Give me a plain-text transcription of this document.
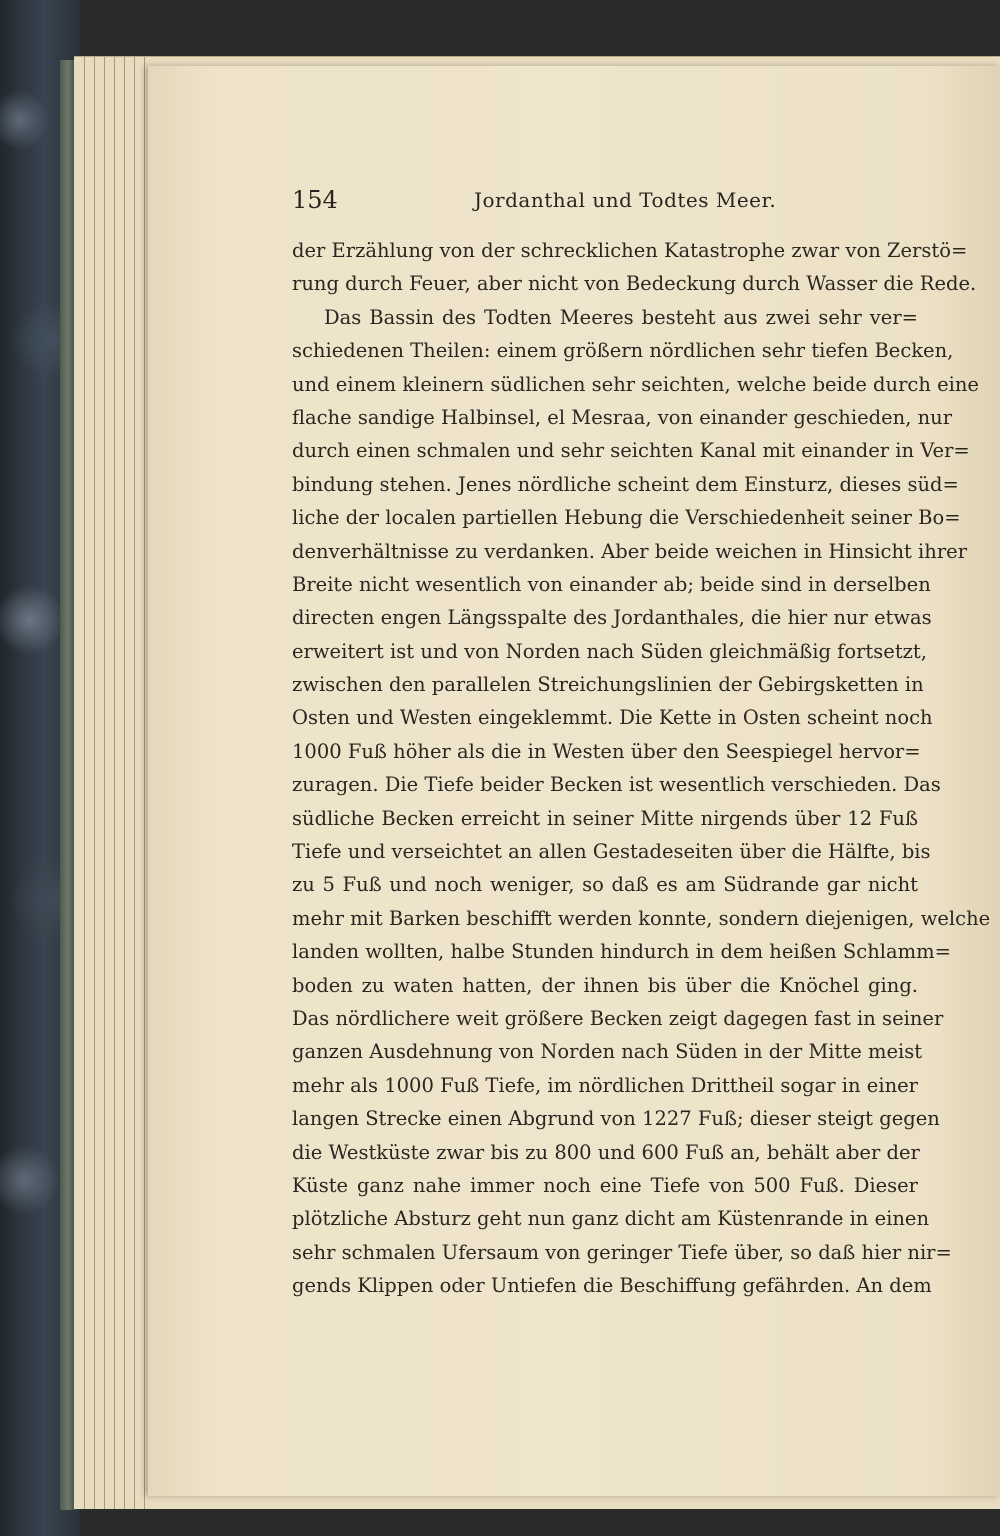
154	Jordanthal und Todtes Meer.
der Erzählung von der schrecklichen Katastrophe zwar von Zerstö=
rung durch Feuer, aber nicht von Bedeckung durch Wasser die Rede.
Das Bassin des Todten Meeres besteht aus zwei sehr ver=
schiedenen Theilen: einem größern nördlichen sehr tiefen Becken,
und einem kleinern südlichen sehr seichten, welche beide durch eine
flache sandige Halbinsel, el Mesraa, von einander geschieden, nur
durch einen schmalen und sehr seichten Kanal mit einander in Ver=
bindung stehen. Jenes nördliche scheint dem Einsturz, dieses süd=
liche der localen partiellen Hebung die Verschiedenheit seiner Bo=
denverhältnisse zu verdanken. Aber beide weichen in Hinsicht ihrer
Breite nicht wesentlich von einander ab; beide sind in derselben
directen engen Längsspalte des Jordanthales, die hier nur etwas
erweitert ist und von Norden nach Süden gleichmäßig fortsetzt,
zwischen den parallelen Streichungslinien der Gebirgsketten in
Osten und Westen eingeklemmt. Die Kette in Osten scheint noch
1000 Fuß höher als die in Westen über den Seespiegel hervor=
zuragen. Die Tiefe beider Becken ist wesentlich verschieden. Das
südliche Becken erreicht in seiner Mitte nirgends über 12 Fuß
Tiefe und verseichtet an allen Gestadeseiten über die Hälfte, bis
zu 5 Fuß und noch weniger, so daß es am Südrande gar nicht
mehr mit Barken beschifft werden konnte, sondern diejenigen, welche
landen wollten, halbe Stunden hindurch in dem heißen Schlamm=
boden zu waten hatten, der ihnen bis über die Knöchel ging.
Das nördlichere weit größere Becken zeigt dagegen fast in seiner
ganzen Ausdehnung von Norden nach Süden in der Mitte meist
mehr als 1000 Fuß Tiefe, im nördlichen Drittheil sogar in einer
langen Strecke einen Abgrund von 1227 Fuß; dieser steigt gegen
die Westküste zwar bis zu 800 und 600 Fuß an, behält aber der
Küste ganz nahe immer noch eine Tiefe von 500 Fuß. Dieser
plötzliche Absturz geht nun ganz dicht am Küstenrande in einen
sehr schmalen Ufersaum von geringer Tiefe über, so daß hier nir=
gends Klippen oder Untiefen die Beschiffung gefährden. An dem
